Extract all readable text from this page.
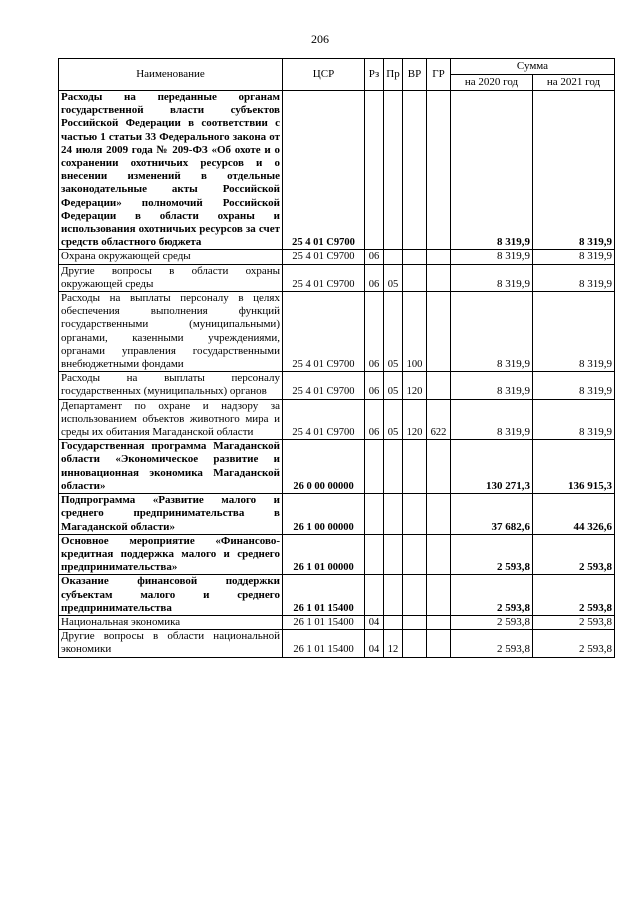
206
Наименование	ЦСР	Рз	Пр	ВР	ГР	Сумма	
						на 2020 год	на 2021 год
Расходы на переданные органам государственной власти субъектов Российской Федерации в соответствии с частью 1 статьи 33 Федерального закона от 24 июля 2009 года № 209-ФЗ «Об охоте и о сохранении охотничьих ресурсов и о внесении изменений в отдельные законодательные акты Российской Федерации» полномочий Российской Федерации в области охраны и использования охотничьих ресурсов за счет средств областного бюджета	25 4 01 С9700					8 319,9	8 319,9
Охрана окружающей среды	25 4 01 С9700	06				8 319,9	8 319,9
Другие вопросы в области охраны окружающей среды	25 4 01 С9700	06	05			8 319,9	8 319,9
Расходы на выплаты персоналу в целях обеспечения выполнения функций государственными (муниципальными) органами, казенными учреждениями, органами управления государственными внебюджетными фондами	25 4 01 С9700	06	05	100		8 319,9	8 319,9
Расходы на выплаты персоналу государственных (муниципальных) органов	25 4 01 С9700	06	05	120		8 319,9	8 319,9
Департамент по охране и надзору за использованием объектов животного мира и среды их обитания Магаданской области	25 4 01 С9700	06	05	120	622	8 319,9	8 319,9
Государственная программа Магаданской области «Экономическое развитие и инновационная экономика Магаданской области»	26 0 00 00000					130 271,3	136 915,3
Подпрограмма «Развитие малого и среднего предпринимательства в Магаданской области»	26 1 00 00000					37 682,6	44 326,6
Основное мероприятие «Финансово-кредитная поддержка малого и среднего предпринимательства»	26 1 01 00000					2 593,8	2 593,8
Оказание финансовой поддержки субъектам малого и среднего предпринимательства	26 1 01 15400					2 593,8	2 593,8
Национальная экономика	26 1 01 15400	04				2 593,8	2 593,8
Другие вопросы в области национальной экономики	26 1 01 15400	04	12			2 593,8	2 593,8
